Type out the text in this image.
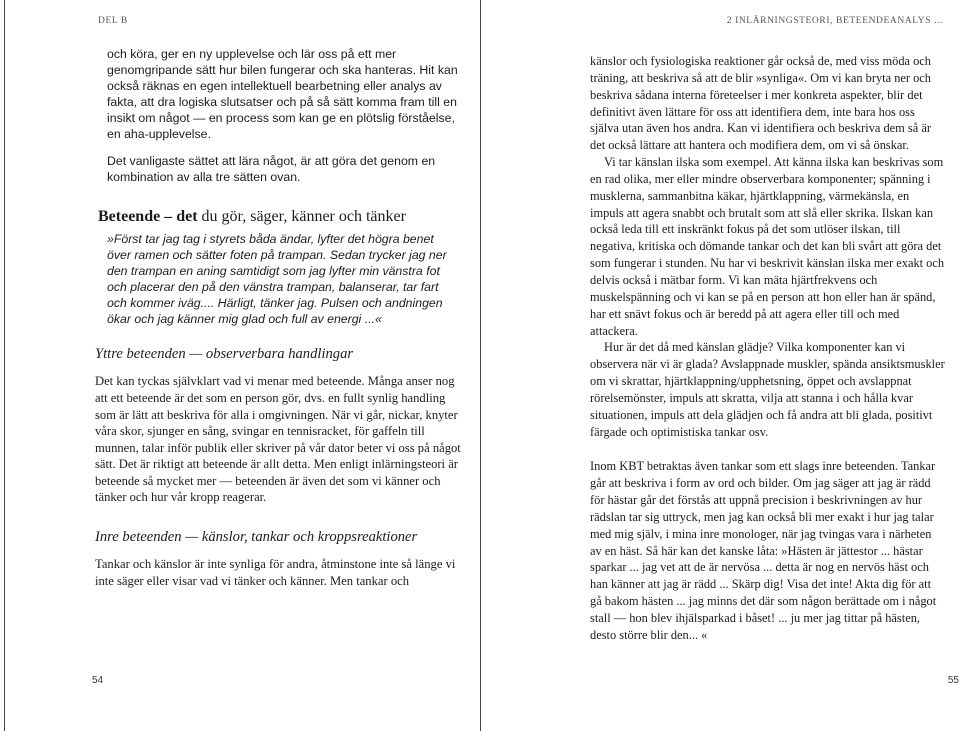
DEL B

och köra, ger en ny upplevelse och lär oss på ett mer genomgripande sätt hur bilen fungerar och ska hanteras. Hit kan också räknas en egen intellektuell bearbetning eller analys av fakta, att dra logiska slutsatser och på så sätt komma fram till en insikt om något — en process som kan ge en plötslig förståelse, en aha-upplevelse.

Det vanligaste sättet att lära något, är att göra det genom en kombination av alla tre sätten ovan.

Beteende – det du gör, säger, känner och tänker

»Först tar jag tag i styrets båda ändar, lyfter det högra benet över ramen och sätter foten på trampan. Sedan trycker jag ner den trampan en aning samtidigt som jag lyfter min vänstra fot och placerar den på den vänstra trampan, balanserar, tar fart och kommer iväg.... Härligt, tänker jag. Pulsen och andningen ökar och jag känner mig glad och full av energi ...«

Yttre beteenden — observerbara handlingar

Det kan tyckas självklart vad vi menar med beteende. Många anser nog att ett beteende är det som en person gör, dvs. en fullt synlig handling som är lätt att beskriva för alla i omgivningen. När vi går, nickar, knyter våra skor, sjunger en sång, svingar en tennisracket, för gaffeln till munnen, talar inför publik eller skriver på vår dator beter vi oss på något sätt. Det är riktigt att beteende är allt detta. Men enligt inlärningsteori är beteende så mycket mer — beteenden är även det som vi känner och tänker och hur vår kropp reagerar.

Inre beteenden — känslor, tankar och kroppsreaktioner

Tankar och känslor är inte synliga för andra, åtminstone inte så länge vi inte säger eller visar vad vi tänker och känner. Men tankar och

54
2 INLÄRNINGSTEORI, BETEENDEANALYS ...

känslor och fysiologiska reaktioner går också de, med viss möda och träning, att beskriva så att de blir »synliga«. Om vi kan bryta ner och beskriva sådana interna företeelser i mer konkreta aspekter, blir det definitivt även lättare för oss att identifiera dem, inte bara hos oss själva utan även hos andra. Kan vi identifiera och beskriva dem så är det också lättare att hantera och modifiera dem, om vi så önskar.

Vi tar känslan ilska som exempel. Att känna ilska kan beskrivas som en rad olika, mer eller mindre observerbara komponenter; spänning i musklerna, sammanbitna käkar, hjärtklappning, värmekänsla, en impuls att agera snabbt och brutalt som att slå eller skrika. Ilskan kan också leda till ett inskränkt fokus på det som utlöser ilskan, till negativa, kritiska och dömande tankar och det kan bli svårt att göra det som fungerar i stunden. Nu har vi beskrivit känslan ilska mer exakt och delvis också i mätbar form. Vi kan mäta hjärtfrekvens och muskelspänning och vi kan se på en person att hon eller han är spänd, har ett snävt fokus och är beredd på att agera eller till och med attackera.

Hur är det då med känslan glädje? Vilka komponenter kan vi observera när vi är glada? Avslappnade muskler, spända ansiktsmuskler om vi skrattar, hjärtklappning/upphetsning, öppet och avslappnat rörelsemönster, impuls att skratta, vilja att stanna i och hålla kvar situationen, impuls att dela glädjen och få andra att bli glada, positivt färgade och optimistiska tankar osv.

Inom KBT betraktas även tankar som ett slags inre beteenden. Tankar går att beskriva i form av ord och bilder. Om jag säger att jag är rädd för hästar går det förstås att uppnå precision i beskrivningen av hur rädslan tar sig uttryck, men jag kan också bli mer exakt i hur jag talar med mig själv, i mina inre monologer, när jag tvingas vara i närheten av en häst. Så här kan det kanske låta: »Hästen är jättestor ... hästar sparkar ... jag vet att de är nervösa ... detta är nog en nervös häst och han känner att jag är rädd ... Skärp dig! Visa det inte! Akta dig för att gå bakom hästen ... jag minns det där som någon berättade om i något stall — hon blev ihjälsparkad i båset! ... ju mer jag tittar på hästen, desto större blir den... «

55
